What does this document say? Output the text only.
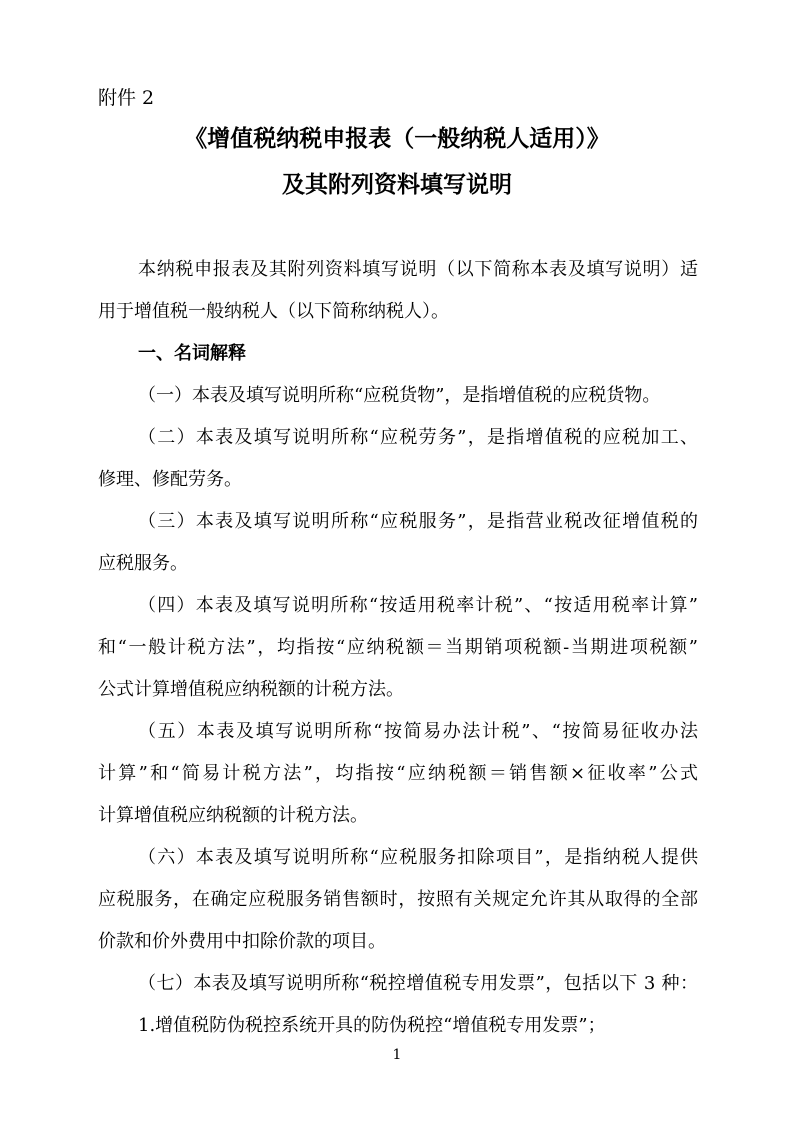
附件 2
《增值税纳税申报表（一般纳税人适用）》
及其附列资料填写说明
本纳税申报表及其附列资料填写说明（以下简称本表及填写说明）适
用于增值税一般纳税人（以下简称纳税人）。
一、名词解释
（一）本表及填写说明所称“应税货物”，是指增值税的应税货物。
（二）本表及填写说明所称“应税劳务”，是指增值税的应税加工、
修理、修配劳务。
（三）本表及填写说明所称“应税服务”，是指营业税改征增值税的
应税服务。
（四）本表及填写说明所称“按适用税率计税”、“按适用税率计算”
和“一般计税方法”，均指按“应纳税额＝当期销项税额-当期进项税额”
公式计算增值税应纳税额的计税方法。
（五）本表及填写说明所称“按简易办法计税”、“按简易征收办法
计算”和“简易计税方法”，均指按“应纳税额＝销售额×征收率”公式
计算增值税应纳税额的计税方法。
（六）本表及填写说明所称“应税服务扣除项目”，是指纳税人提供
应税服务，在确定应税服务销售额时，按照有关规定允许其从取得的全部
价款和价外费用中扣除价款的项目。
（七）本表及填写说明所称“税控增值税专用发票”，包括以下 3 种：
1.增值税防伪税控系统开具的防伪税控“增值税专用发票”；
1
